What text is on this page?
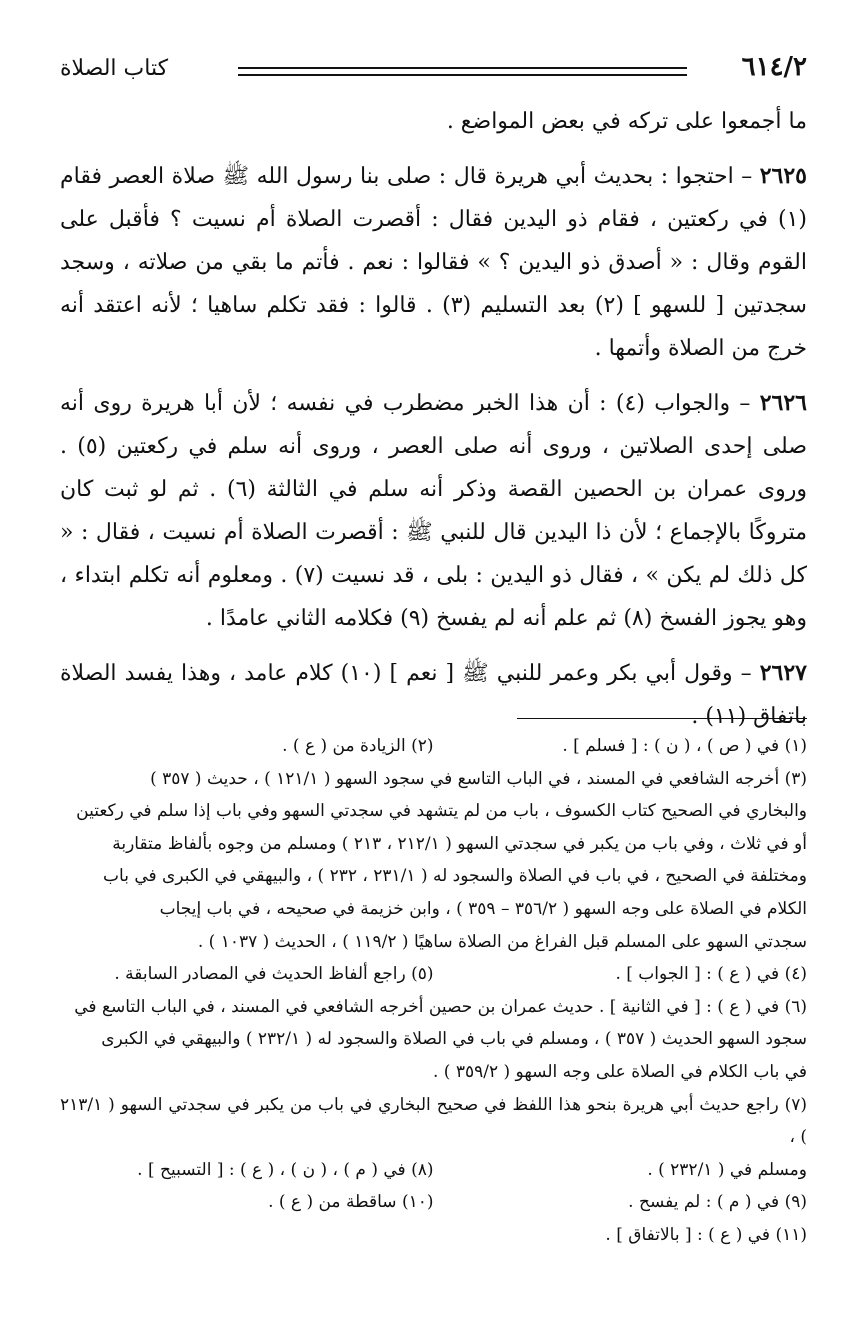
٦١٤/٢
كتاب الصلاة

ما أجمعوا على تركه في بعض المواضع .

٢٦٢٥ – احتجوا : بحديث أبي هريرة قال : صلى بنا رسول الله ﷺ صلاة العصر فقام (١) في ركعتين ، فقام ذو اليدين فقال : أقصرت الصلاة أم نسيت ؟ فأقبل على القوم وقال : « أصدق ذو اليدين ؟ » فقالوا : نعم . فأتم ما بقي من صلاته ، وسجد سجدتين [ للسهو ] (٢) بعد التسليم (٣) . قالوا : فقد تكلم ساهيا ؛ لأنه اعتقد أنه خرج من الصلاة وأتمها .

٢٦٢٦ – والجواب (٤) : أن هذا الخبر مضطرب في نفسه ؛ لأن أبا هريرة روى أنه صلى إحدى الصلاتين ، وروى أنه صلى العصر ، وروى أنه سلم في ركعتين (٥) . وروى عمران بن الحصين القصة وذكر أنه سلم في الثالثة (٦) . ثم لو ثبت كان متروكًا بالإجماع ؛ لأن ذا اليدين قال للنبي ﷺ : أقصرت الصلاة أم نسيت ، فقال : « كل ذلك لم يكن » ، فقال ذو اليدين : بلى ، قد نسيت (٧) . ومعلوم أنه تكلم ابتداء ، وهو يجوز الفسخ (٨) ثم علم أنه لم يفسخ (٩) فكلامه الثاني عامدًا .

٢٦٢٧ – وقول أبي بكر وعمر للنبي ﷺ [ نعم ] (١٠) كلام عامد ، وهذا يفسد الصلاة باتفاق (١١) .

(١) في ( ص ) ، ( ن ) : [ فسلم ] .
(٢) الزيادة من ( ع ) .
(٣) أخرجه الشافعي في المسند ، في الباب التاسع في سجود السهو ( ١٢١/١ ) ، حديث ( ٣٥٧ )
والبخاري في الصحيح كتاب الكسوف ، باب من لم يتشهد في سجدتي السهو وفي باب إذا سلم في ركعتين
أو في ثلاث ، وفي باب من يكبر في سجدتي السهو ( ٢١٢/١ ، ٢١٣ ) ومسلم من وجوه بألفاظ متقاربة
ومختلفة في الصحيح ، في باب في الصلاة والسجود له ( ٢٣١/١ ، ٢٣٢ ) ، والبيهقي في الكبرى في باب
الكلام في الصلاة على وجه السهو ( ٣٥٦/٢ – ٣٥٩ ) ، وابن خزيمة في صحيحه ، في باب إيجاب
سجدتي السهو على المسلم قبل الفراغ من الصلاة ساهيًا ( ١١٩/٢ ) ، الحديث ( ١٠٣٧ ) .
(٤) في ( ع ) : [ الجواب ] .
(٥) راجع ألفاظ الحديث في المصادر السابقة .
(٦) في ( ع ) : [ في الثانية ] . حديث عمران بن حصين أخرجه الشافعي في المسند ، في الباب التاسع في
سجود السهو الحديث ( ٣٥٧ ) ، ومسلم في باب في الصلاة والسجود له ( ٢٣٢/١ ) والبيهقي في الكبرى
في باب الكلام في الصلاة على وجه السهو ( ٣٥٩/٢ ) .
(٧) راجع حديث أبي هريرة بنحو هذا اللفظ في صحيح البخاري في باب من يكبر في سجدتي السهو ( ٢١٣/١ ) ،
ومسلم في ( ٢٣٢/١ ) .
(٨) في ( م ) ، ( ن ) ، ( ع ) : [ التسبيح ] .
(٩) في ( م ) : لم يفسح .
(١٠) ساقطة من ( ع ) .
(١١) في ( ع ) : [ بالاتفاق ] .
